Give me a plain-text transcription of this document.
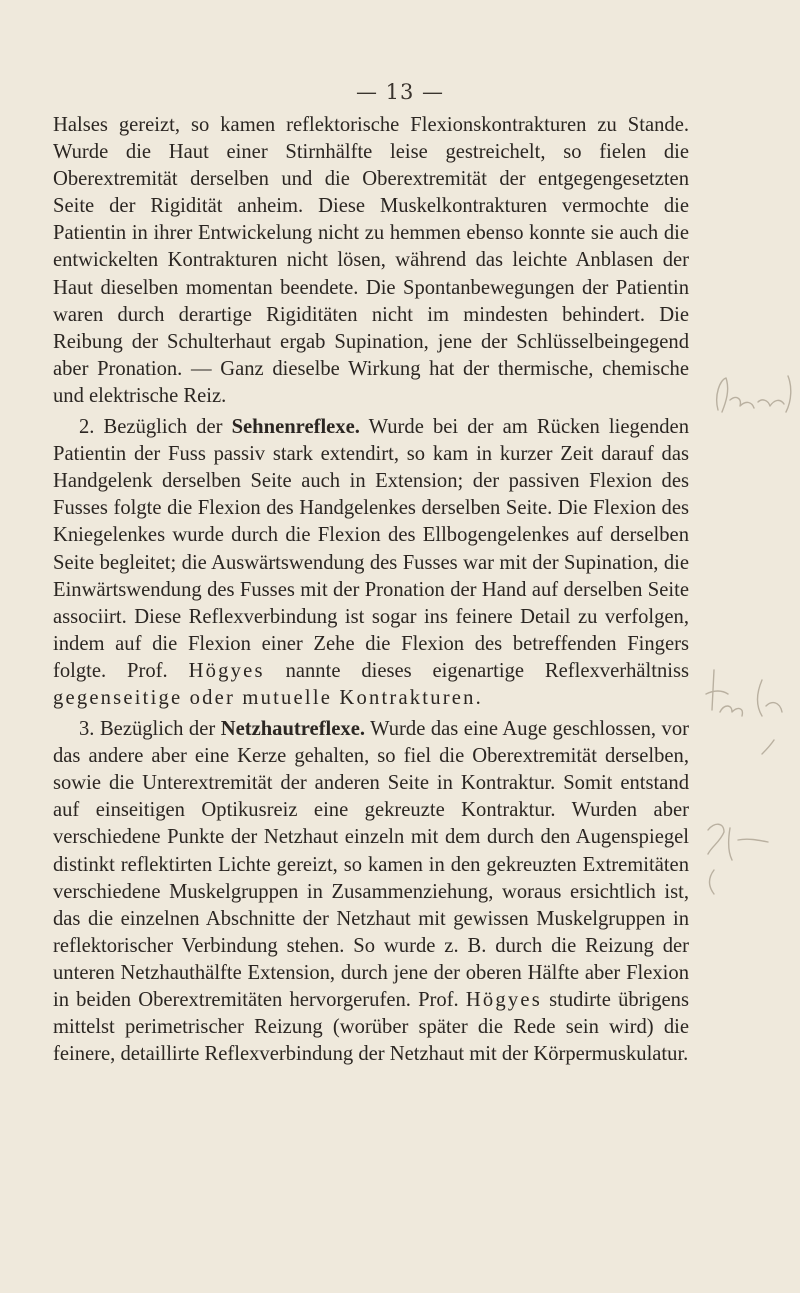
— 13 —

Halses gereizt, so kamen reflektorische Flexionskontrakturen zu Stande. Wurde die Haut einer Stirnhälfte leise gestreichelt, so fielen die Oberextremität derselben und die Oberextremität der entgegengesetzten Seite der Rigidität anheim. Diese Muskelkontrakturen vermochte die Patientin in ihrer Entwickelung nicht zu hemmen ebenso konnte sie auch die entwickelten Kontrakturen nicht lösen, während das leichte Anblasen der Haut dieselben momentan beendete. Die Spontanbewegungen der Patientin waren durch derartige Rigiditäten nicht im mindesten behindert. Die Reibung der Schulterhaut ergab Supination, jene der Schlüsselbeingegend aber Pronation. — Ganz dieselbe Wirkung hat der thermische, chemische und elektrische Reiz.

2. Bezüglich der Sehnenreflexe. Wurde bei der am Rücken liegenden Patientin der Fuss passiv stark extendirt, so kam in kurzer Zeit darauf das Handgelenk derselben Seite auch in Extension; der passiven Flexion des Fusses folgte die Flexion des Handgelenkes derselben Seite. Die Flexion des Kniegelenkes wurde durch die Flexion des Ellbogengelenkes auf derselben Seite begleitet; die Auswärtswendung des Fusses war mit der Supination, die Einwärtswendung des Fusses mit der Pronation der Hand auf derselben Seite associirt. Diese Reflexverbindung ist sogar ins feinere Detail zu verfolgen, indem auf die Flexion einer Zehe die Flexion des betreffenden Fingers folgte. Prof. Högyes nannte dieses eigenartige Reflexverhältniss gegenseitige oder mutuelle Kontrakturen.

3. Bezüglich der Netzhautreflexe. Wurde das eine Auge geschlossen, vor das andere aber eine Kerze gehalten, so fiel die Oberextremität derselben, sowie die Unterextremität der anderen Seite in Kontraktur. Somit entstand auf einseitigen Optikusreiz eine gekreuzte Kontraktur. Wurden aber verschiedene Punkte der Netzhaut einzeln mit dem durch den Augenspiegel distinkt reflektirten Lichte gereizt, so kamen in den gekreuzten Extremitäten verschiedene Muskelgruppen in Zusammenziehung, woraus ersichtlich ist, das die einzelnen Abschnitte der Netzhaut mit gewissen Muskelgruppen in reflektorischer Verbindung stehen. So wurde z. B. durch die Reizung der unteren Netzhauthälfte Extension, durch jene der oberen Hälfte aber Flexion in beiden Oberextremitäten hervorgerufen. Prof. Högyes studirte übrigens mittelst perimetrischer Reizung (worüber später die Rede sein wird) die feinere, detaillirte Reflexverbindung der Netzhaut mit der Körpermuskulatur.
